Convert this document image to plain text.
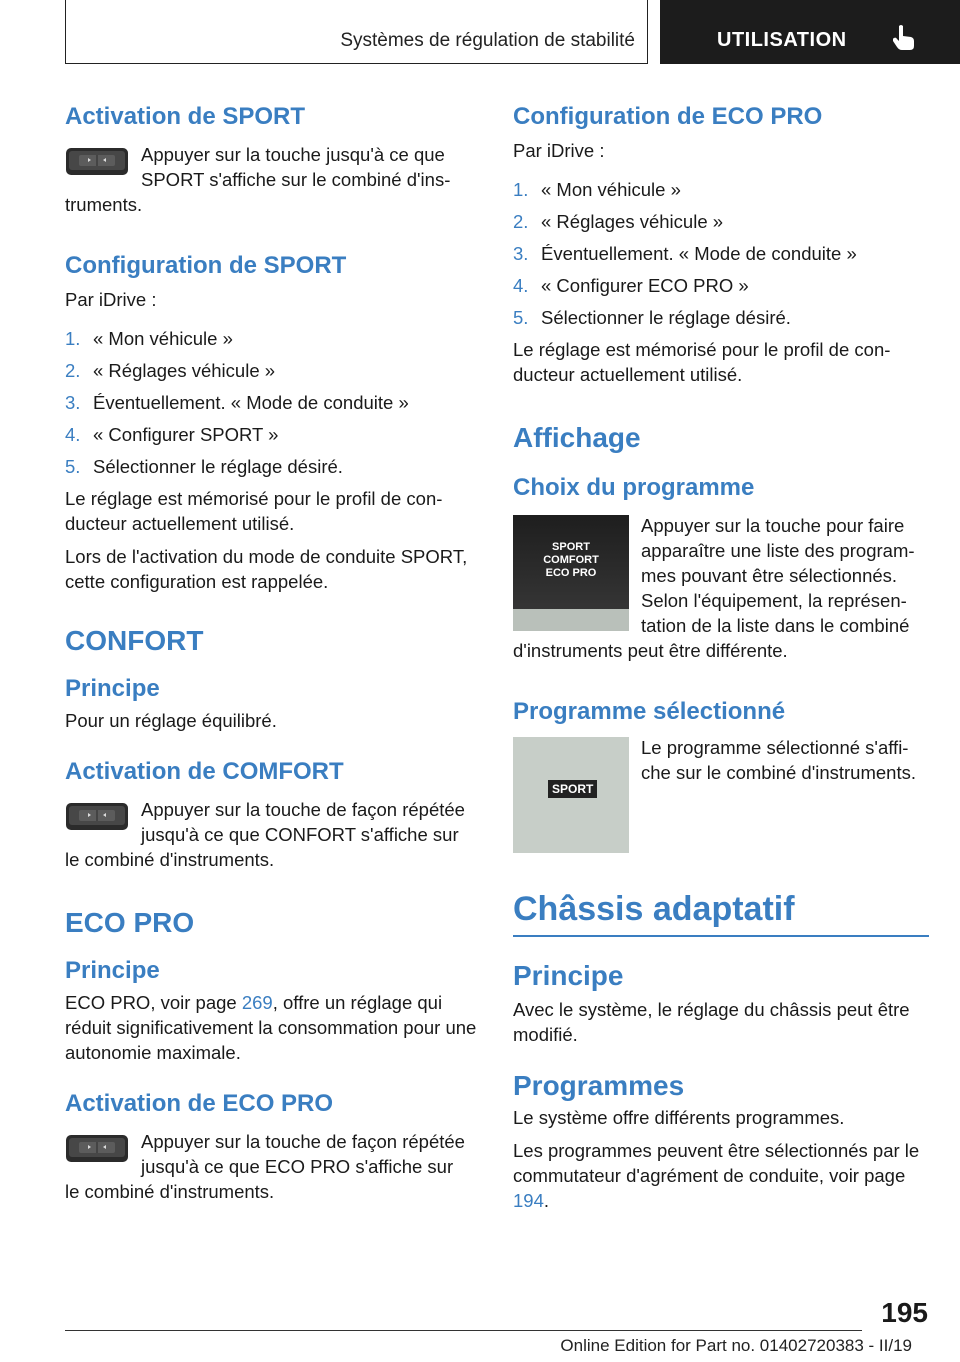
Systèmes de régulation de stabilité	UTILISATION
Activation de SPORT

Appuyer sur la touche jusqu'à ce que SPORT s'affiche sur le combiné d'ins-

truments.

Configuration de SPORT

Par iDrive :

1. « Mon véhicule »
2. « Réglages véhicule »
3. Éventuellement. « Mode de conduite »
4. « Configurer SPORT »
5. Sélectionner le réglage désiré.

Le réglage est mémorisé pour le profil de con-ducteur actuellement utilisé.

Lors de l'activation du mode de conduite SPORT, cette configuration est rappelée.

CONFORT
Principe

Pour un réglage équilibré.

Activation de COMFORT

Appuyer sur la touche de façon répétée jusqu'à ce que CONFORT s'affiche sur

le combiné d'instruments.

ECO PRO
Principe

ECO PRO, voir page 269, offre un réglage qui réduit significativement la consommation pour une autonomie maximale.

Activation de ECO PRO

Appuyer sur la touche de façon répétée jusqu'à ce que ECO PRO s'affiche sur

le combiné d'instruments.

Configuration de ECO PRO

Par iDrive :

1. « Mon véhicule »
2. « Réglages véhicule »
3. Éventuellement. « Mode de conduite »
4. « Configurer ECO PRO »
5. Sélectionner le réglage désiré.

Le réglage est mémorisé pour le profil de con-ducteur actuellement utilisé.

Affichage
Choix du programme
SPORT
COMFORT
ECO PRO

Appuyer sur la touche pour faire apparaître une liste des program-mes pouvant être sélectionnés. Selon l'équipement, la représen-tation de la liste dans le combiné

d'instruments peut être différente.

Programme sélectionné
SPORT

Le programme sélectionné s'affi-che sur le combiné d'instruments.

Châssis adaptatif
Principe

Avec le système, le réglage du châssis peut être modifié.

Programmes

Le système offre différents programmes.

Les programmes peuvent être sélectionnés par le commutateur d'agrément de conduite, voir page 194.

195
Online Edition for Part no. 01402720383 - II/19
